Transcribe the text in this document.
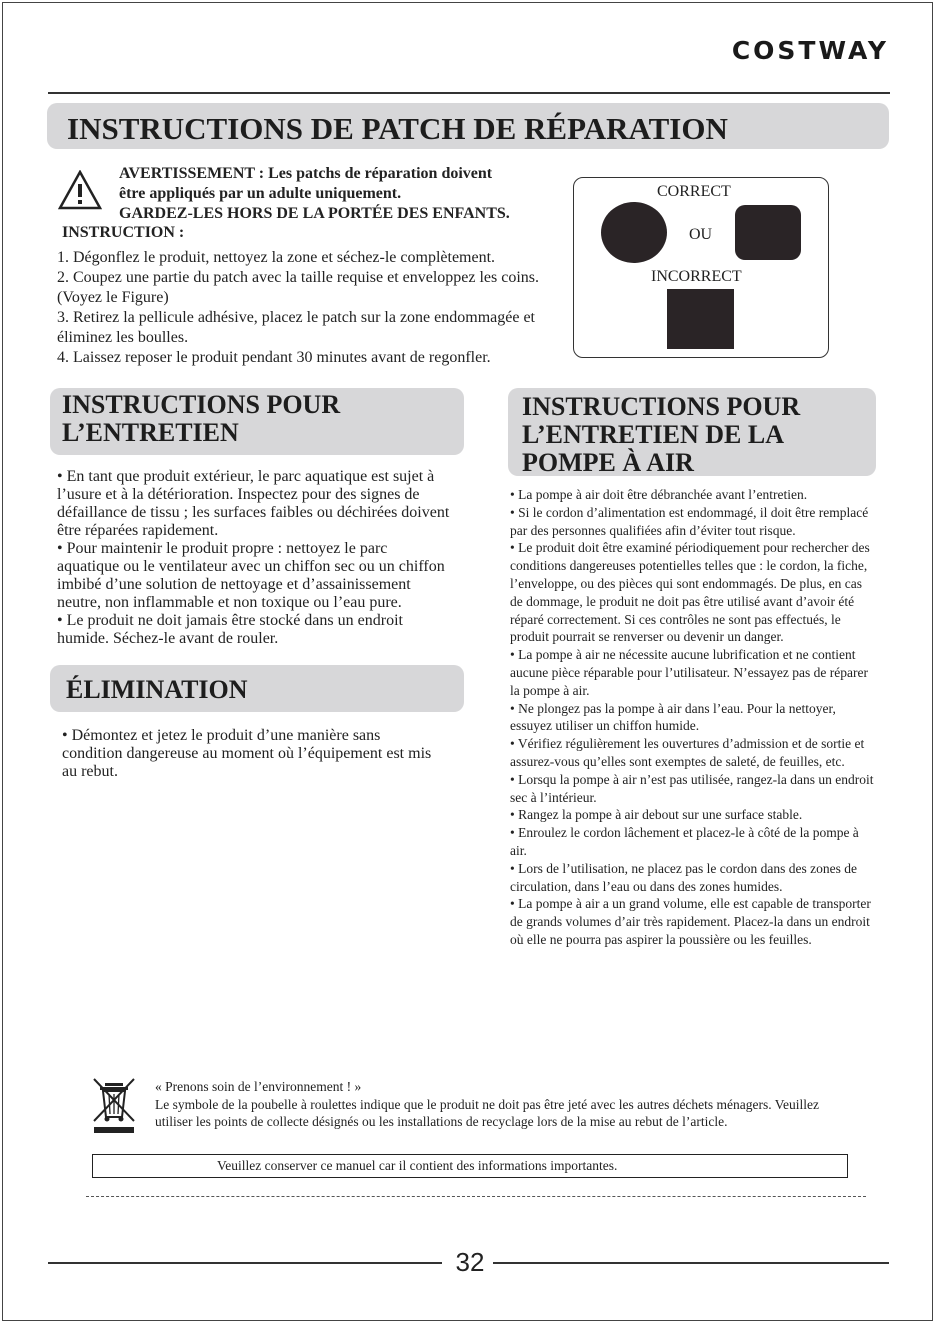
COSTWAY
INSTRUCTIONS DE PATCH DE RÉPARATION
AVERTISSEMENT : Les patchs de réparation doivent
être appliqués par un adulte uniquement.
GARDEZ-LES HORS DE LA PORTÉE DES ENFANTS.
INSTRUCTION :

1. Dégonflez le produit, nettoyez la zone et séchez-le complètement.

2. Coupez une partie du patch avec la taille requise et enveloppez les coins. (Voyez le Figure)

3. Retirez la pellicule adhésive, placez le patch sur la zone endommagée et éliminez les boulles.

4. Laissez reposer le produit pendant 30 minutes avant de regonfler.

CORRECT
OU
INCORRECT
INSTRUCTIONS POUR
L’ENTRETIEN
INSTRUCTIONS POUR
L’ENTRETIEN DE LA
POMPE À AIR

• En tant que produit extérieur, le parc aquatique est sujet à l’usure et à la détérioration. Inspectez pour des signes de défaillance de tissu ; les surfaces faibles ou déchirées doivent être réparées rapidement.

• Pour maintenir le produit propre : nettoyez le parc aquatique ou le ventilateur avec un chiffon sec ou un chiffon imbibé d’une solution de nettoyage et d’assainissement neutre, non inflammable et non toxique ou l’eau pure.

• Le produit ne doit jamais être stocké dans un endroit humide. Séchez-le avant de rouler.

ÉLIMINATION
• Démontez et jetez le produit d’une manière sans condition dangereuse au moment où l’équipement est mis au rebut.

• La pompe à air doit être débranchée avant l’entretien.

• Si le cordon d’alimentation est endommagé, il doit être remplacé par des personnes qualifiées afin d’éviter tout risque.

• Le produit doit être examiné périodiquement pour rechercher des conditions dangereuses potentielles telles que : le cordon, la fiche, l’enveloppe, ou des pièces qui sont endommagés. De plus, en cas de dommage, le produit ne doit pas être utilisé avant d’avoir été réparé correctement. Si ces contrôles ne sont pas effectués, le produit pourrait se renverser ou devenir un danger.

• La pompe à air ne nécessite aucune lubrification et ne contient aucune pièce réparable pour l’utilisateur. N’essayez pas de réparer la pompe à air.

• Ne plongez pas la pompe à air dans l’eau. Pour la nettoyer, essuyez utiliser un chiffon humide.

• Vérifiez régulièrement les ouvertures d’admission et de sortie et assurez-vous qu’elles sont exemptes de saleté, de feuilles, etc.

• Lorsqu la pompe à air n’est pas utilisée, rangez-la dans un endroit sec à l’intérieur.

• Rangez la pompe à air debout sur une surface stable.

• Enroulez le cordon lâchement et placez-le à côté de la pompe à air.

• Lors de l’utilisation, ne placez pas le cordon dans des zones de circulation, dans l’eau ou dans des zones humides.

• La pompe à air a un grand volume, elle est capable de transporter de grands volumes d’air très rapidement. Placez-la dans un endroit où elle ne pourra pas aspirer la poussière ou les feuilles.

« Prenons soin de l’environnement ! »

Le symbole de la poubelle à roulettes indique que le produit ne doit pas être jeté avec les autres déchets ménagers. Veuillez utiliser les points de collecte désignés ou les installations de recyclage lors de la mise au rebut de l’article.

Veuillez conserver ce manuel car il contient des informations importantes.
32
